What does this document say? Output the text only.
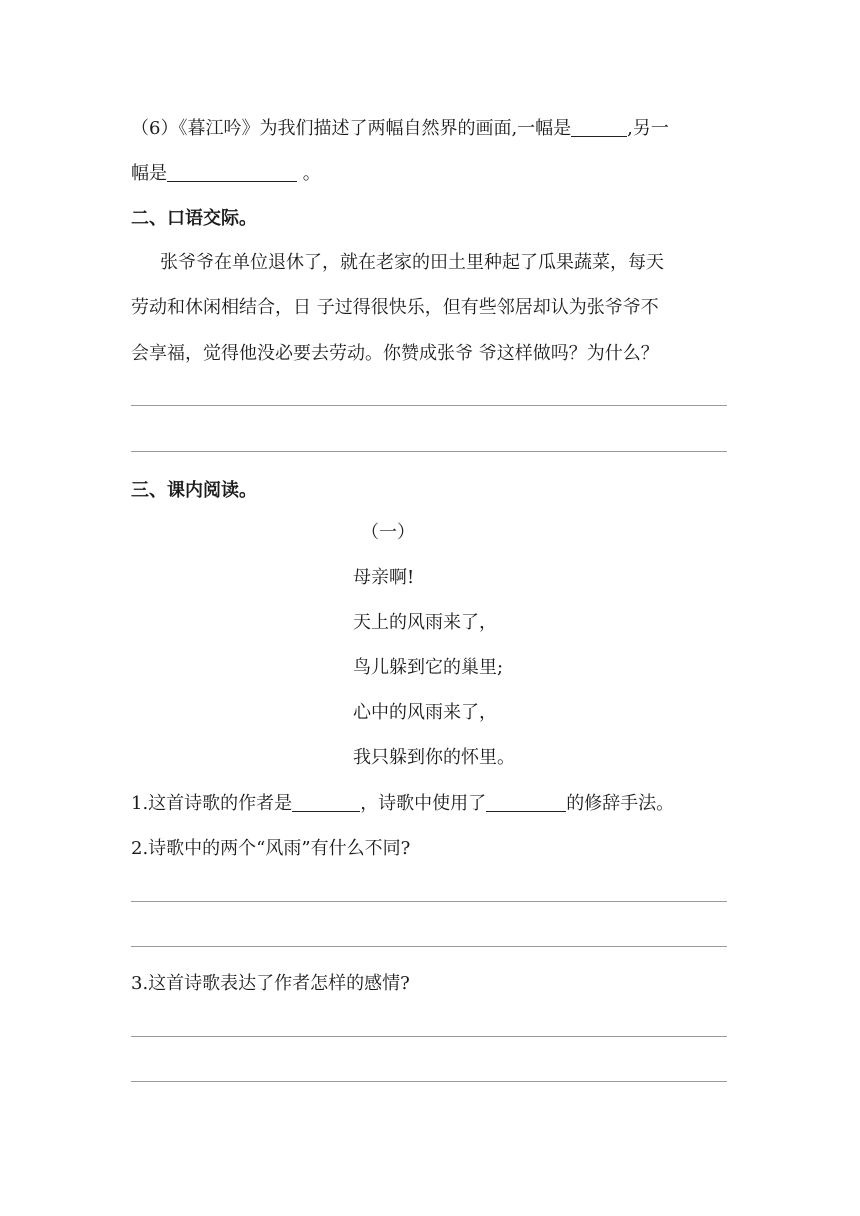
（6）《暮江吟》为我们描述了两幅自然界的画面,一幅是	,另一
幅是	。
二、口语交际。
张爷爷在单位退休了，就在老家的田土里种起了瓜果蔬菜，每天
劳动和休闲相结合，日 子过得很快乐，但有些邻居却认为张爷爷不
会享福，觉得他没必要去劳动。你赞成张爷 爷这样做吗？为什么？
三、课内阅读。
（一）
母亲啊!
天上的风雨来了，
鸟儿躲到它的巢里;
心中的风雨来了，
我只躲到你的怀里。
1.这首诗歌的作者是	，诗歌中使用了	的修辞手法。
2.诗歌中的两个“风雨”有什么不同?
3.这首诗歌表达了作者怎样的感情?
